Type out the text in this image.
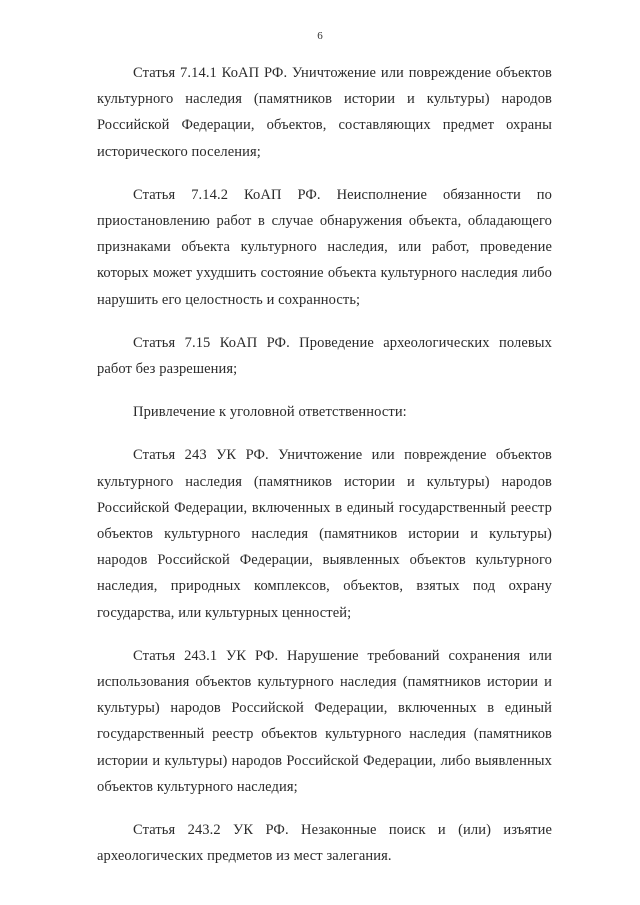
6

Статья 7.14.1 КоАП РФ. Уничтожение или повреждение объектов культурного наследия (памятников истории и культуры) народов Российской Федерации, объектов, составляющих предмет охраны исторического поселения;

Статья 7.14.2 КоАП РФ. Неисполнение обязанности по приостановлению работ в случае обнаружения объекта, обладающего признаками объекта культурного наследия, или работ, проведение которых может ухудшить состояние объекта культурного наследия либо нарушить его целостность и сохранность;

Статья 7.15 КоАП РФ. Проведение археологических полевых работ без разрешения;

Привлечение к уголовной ответственности:

Статья 243 УК РФ. Уничтожение или повреждение объектов культурного наследия (памятников истории и культуры) народов Российской Федерации, включенных в единый государственный реестр объектов культурного наследия (памятников истории и культуры) народов Российской Федерации, выявленных объектов культурного наследия, природных комплексов, объектов, взятых под охрану государства, или культурных ценностей;

Статья 243.1 УК РФ. Нарушение требований сохранения или использования объектов культурного наследия (памятников истории и культуры) народов Российской Федерации, включенных в единый государственный реестр объектов культурного наследия (памятников истории и культуры) народов Российской Федерации, либо выявленных объектов культурного наследия;

Статья 243.2 УК РФ. Незаконные поиск и (или) изъятие археологических предметов из мест залегания.
